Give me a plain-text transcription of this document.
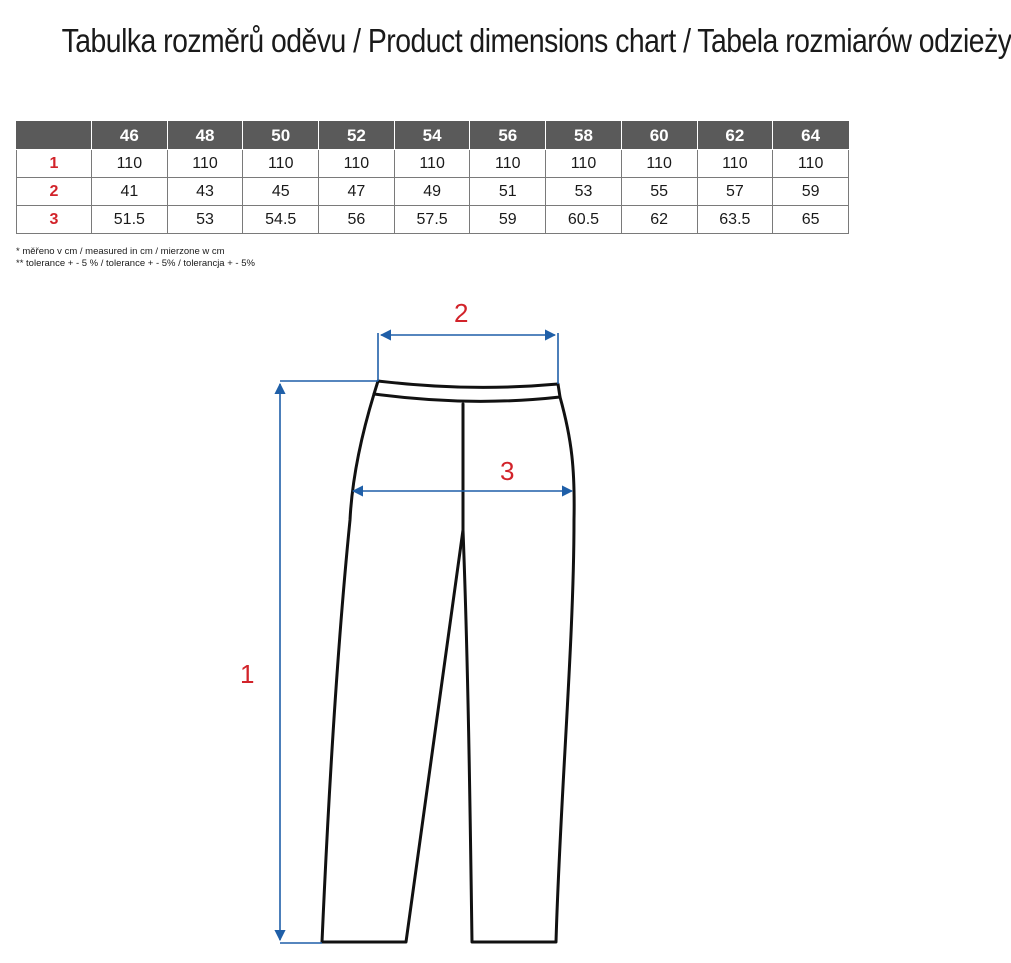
Tabulka rozměrů oděvu / Product dimensions chart / Tabela rozmiarów odzieży
	46	48	50	52	54	56	58	60	62	64
1	110	110	110	110	110	110	110	110	110	110
2	41	43	45	47	49	51	53	55	57	59
3	51.5	53	54.5	56	57.5	59	60.5	62	63.5	65
* měřeno v cm / measured in cm / mierzone w cm
** tolerance + - 5 % / tolerance + - 5% / tolerancja + - 5%
1
2
3
